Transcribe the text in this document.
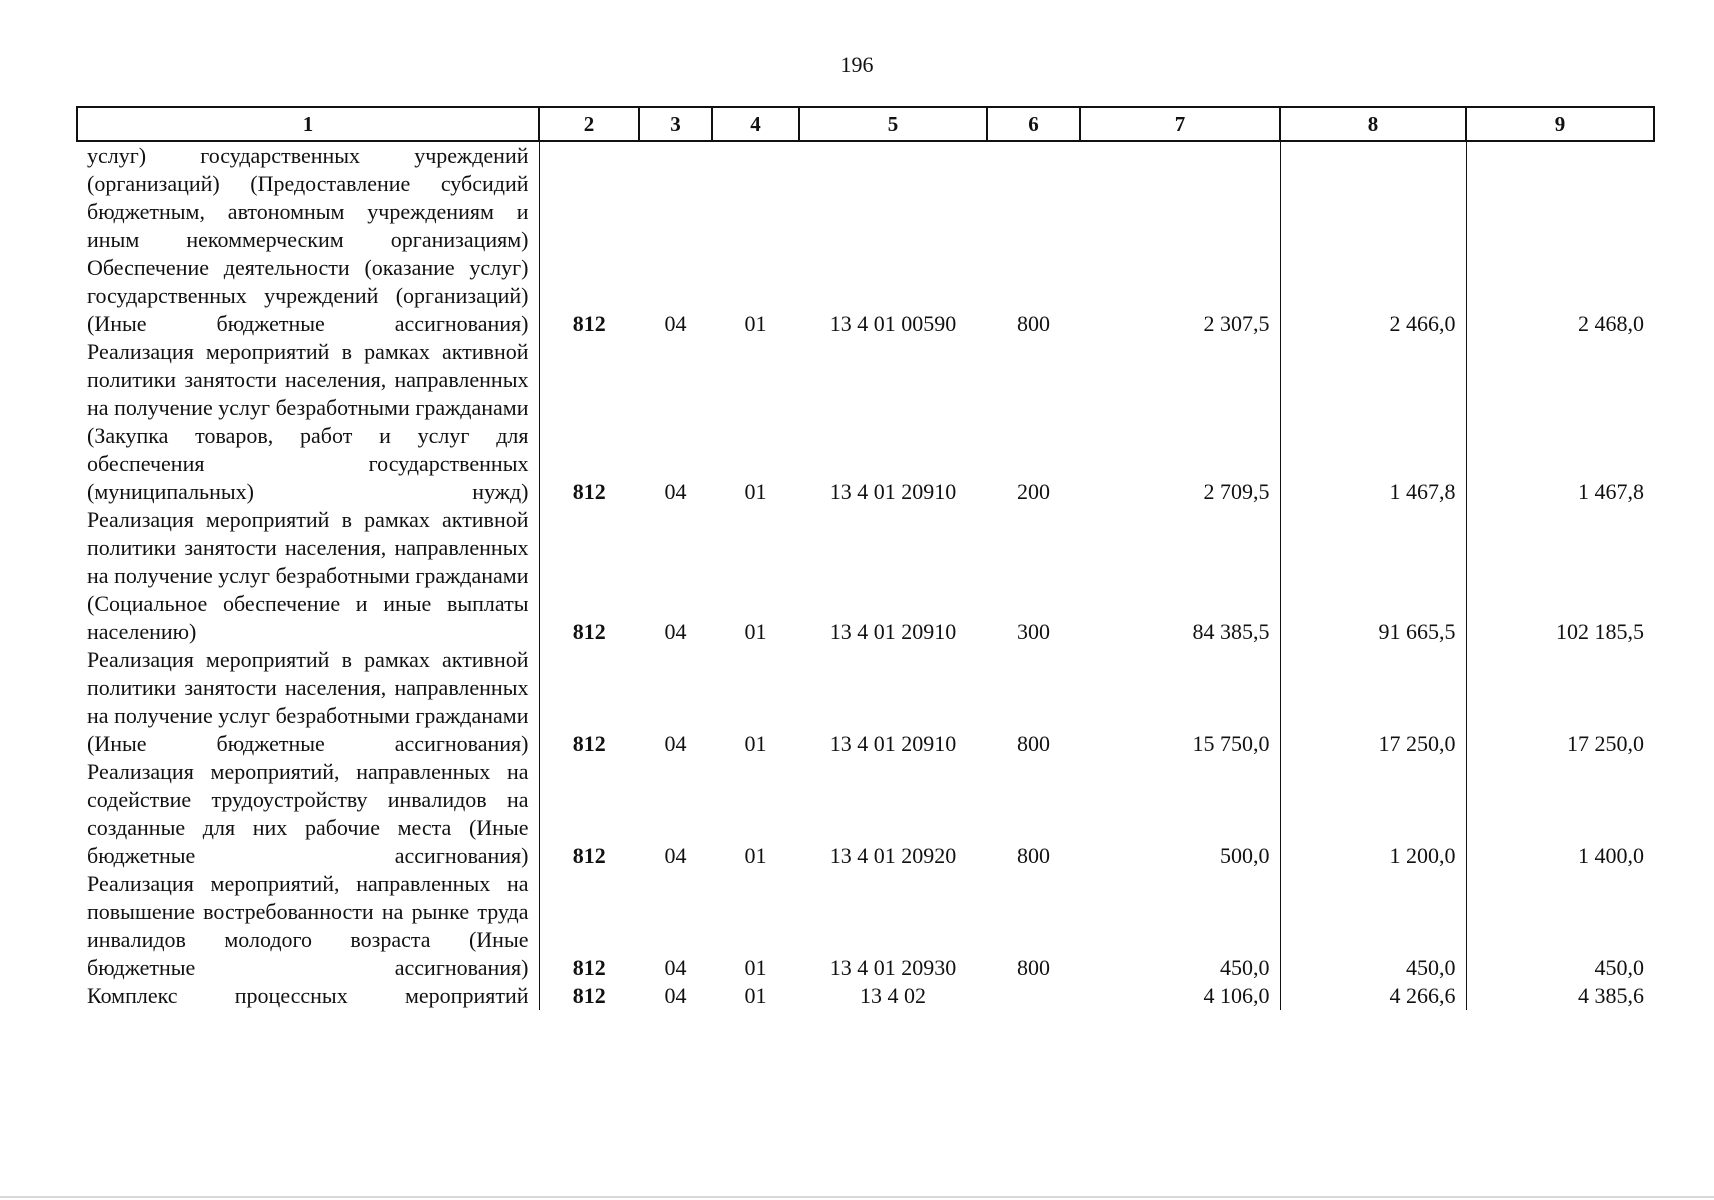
196
1	2	3	4	5	6	7	8	9
услуг) государственных учреждений (организаций) (Предоставление субсидий бюджетным, автономным учреждениям и иным некоммерческим организациям)								
Обеспечение деятельности (оказание услуг) государственных учреждений (организаций) (Иные бюджетные ассигнования)	812	04	01	13 4 01 00590	800	2 307,5	2 466,0	2 468,0
Реализация мероприятий в рамках активной политики занятости населения, направленных на получение услуг безработными гражданами (Закупка товаров, работ и услуг для обеспечения государственных (муниципальных) нужд)	812	04	01	13 4 01 20910	200	2 709,5	1 467,8	1 467,8
Реализация мероприятий в рамках активной политики занятости населения, направленных на получение услуг безработными гражданами (Социальное обеспечение и иные выплаты населению)	812	04	01	13 4 01 20910	300	84 385,5	91 665,5	102 185,5
Реализация мероприятий в рамках активной политики занятости населения, направленных на получение услуг безработными гражданами (Иные бюджетные ассигнования)	812	04	01	13 4 01 20910	800	15 750,0	17 250,0	17 250,0
Реализация мероприятий, направленных на содействие трудоустройству инвалидов на созданные для них рабочие места (Иные бюджетные ассигнования)	812	04	01	13 4 01 20920	800	500,0	1 200,0	1 400,0
Реализация мероприятий, направленных на повышение востребованности на рынке труда инвалидов молодого возраста (Иные бюджетные ассигнования)	812	04	01	13 4 01 20930	800	450,0	450,0	450,0
Комплекс процессных мероприятий	812	04	01	13 4 02		4 106,0	4 266,6	4 385,6
